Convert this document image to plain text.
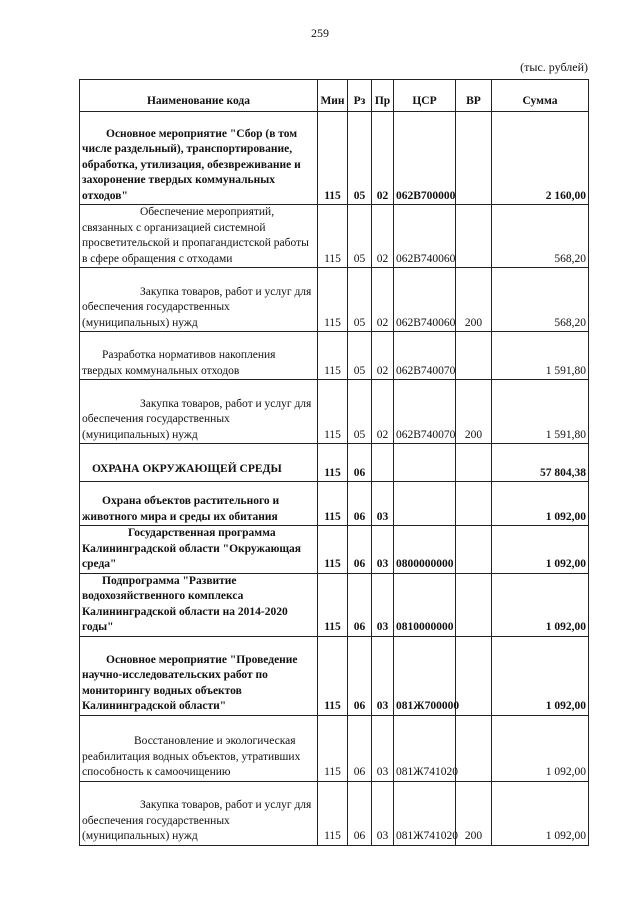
259
(тыс. рублей)
Наименование кода	Мин	Рз	Пр	ЦСР	ВР	Сумма

Основное мероприятие "Сбор (в том числе раздельный), транспортирование, обработка, утилизация, обезвреживание и захоронение твердых коммунальных отходов"	115	05	02	062В700000		2 160,00

Обеспечение мероприятий, связанных с организацией системной просветительской и пропагандистской работы в сфере обращения с отходами	115	05	02	062В740060		568,20

Закупка товаров, работ и услуг для обеспечения государственных (муниципальных) нужд	115	05	02	062В740060	200	568,20

Разработка нормативов накопления твердых коммунальных отходов	115	05	02	062В740070		1 591,80

Закупка товаров, работ и услуг для обеспечения государственных (муниципальных) нужд	115	05	02	062В740070	200	1 591,80

ОХРАНА ОКРУЖАЮЩЕЙ СРЕДЫ	115	06				57 804,38

Охрана объектов растительного и животного мира и среды их обитания	115	06	03			1 092,00

Государственная программа Калининградской области "Окружающая среда"	115	06	03	0800000000		1 092,00

Подпрограмма "Развитие водохозяйственного комплекса Калининградской области на 2014-2020 годы"	115	06	03	0810000000		1 092,00

Основное мероприятие "Проведение научно-исследовательских работ по мониторингу водных объектов Калининградской области"	115	06	03	081Ж700000		1 092,00

Восстановление и экологическая реабилитация водных объектов, утративших способность к самоочищению	115	06	03	081Ж741020		1 092,00

Закупка товаров, работ и услуг для обеспечения государственных (муниципальных) нужд	115	06	03	081Ж741020	200	1 092,00
